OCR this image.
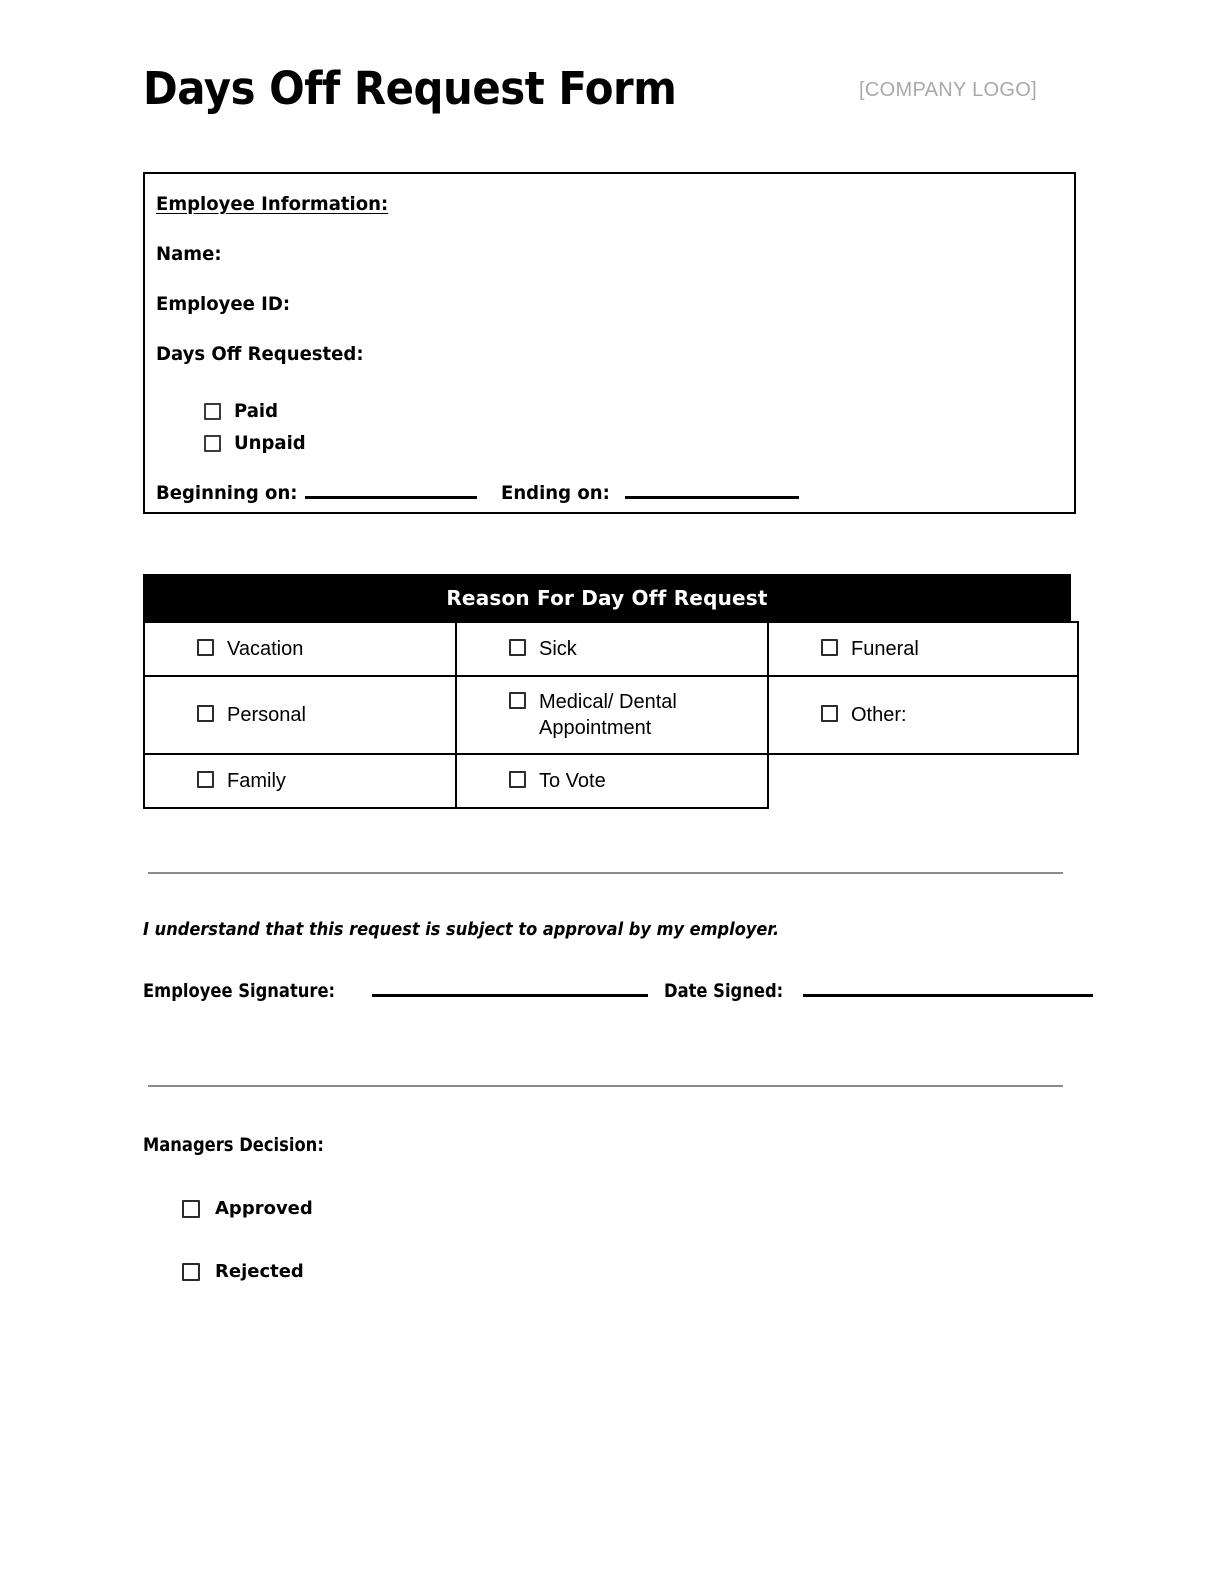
Days Off Request Form	[COMPANY LOGO]
Employee Information:
Name:
Employee ID:
Days Off Requested:
Paid
Unpaid
Beginning on:	Ending on:
Reason For Day Off Request
Vacation	Sick	Funeral

Personal	Medical/ Dental Appointment	Other:

Family	To Vote	

I understand that this request is subject to approval by my employer.
Employee Signature:	Date Signed:
Managers Decision:
Approved
Rejected
